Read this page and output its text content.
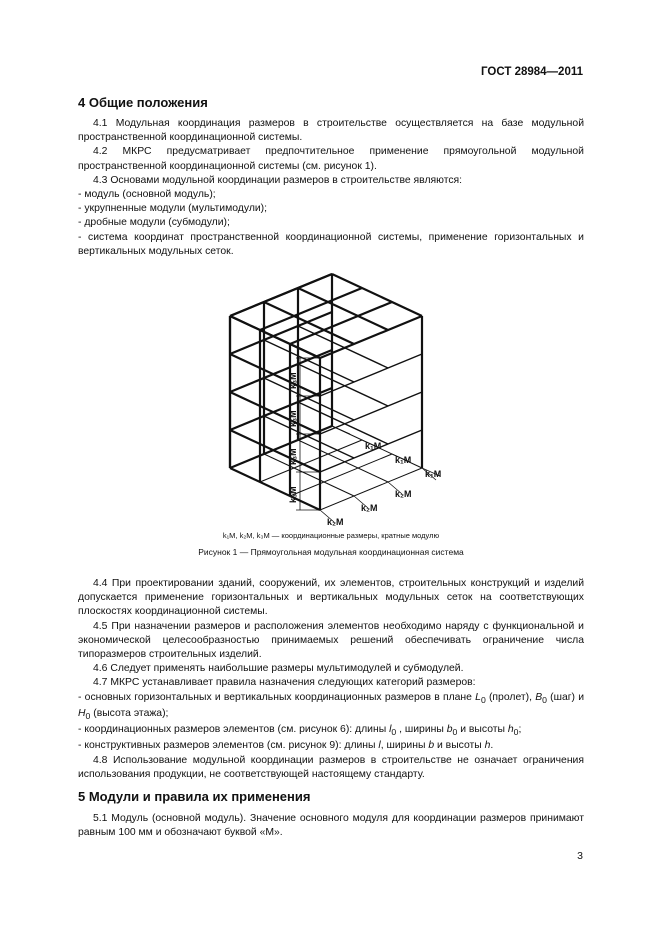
ГОСТ 28984—2011
4 Общие положения

4.1 Модульная координация размеров в строительстве осуществляется на базе модульной пространственной координационной системы.

4.2 МКРС предусматривает предпочтительное применение прямоугольной модульной пространственной координационной системы (см. рисунок 1).

4.3 Основами модульной координации размеров в строительстве являются:

- модуль (основной модуль);

- укрупненные модули (мультимодули);

- дробные модули (субмодули);

- система координат пространственной координационной системы, применение горизонтальных и вертикальных модульных сеток.

k₃M
k₃M
k₃M
k₃M
k₂M
k₂M
k₂M
k₁M
k₁M
k₁M
k₁M, k₂M, k₃M — координационные размеры, кратные модулю
Рисунок 1 — Прямоугольная модульная координационная система

4.4 При проектировании зданий, сооружений, их элементов, строительных конструкций и изделий допускается применение горизонтальных и вертикальных модульных сеток на соответствующих плоскостях координационной системы.

4.5 При назначении размеров и расположения элементов необходимо наряду с функциональной и экономической целесообразностью принимаемых решений обеспечивать ограничение числа типоразмеров строительных изделий.

4.6 Следует применять наибольшие размеры мультимодулей и субмодулей.

4.7 МКРС устанавливает правила назначения следующих категорий размеров:

- основных горизонтальных и вертикальных координационных размеров в плане $L_0$ (пролет), $B_0$ (шаг) и $H_0$ (высота этажа);

- координационных размеров элементов (см. рисунок 6): длины $l_0$ , ширины $b_0$ и высоты $h_0$;

- конструктивных размеров элементов (см. рисунок 9): длины l, ширины b и высоты h.

4.8 Использование модульной координации размеров в строительстве не означает ограничения использования продукции, не соответствующей настоящему стандарту.

5 Модули и правила их применения

5.1 Модуль (основной модуль). Значение основного модуля для координации размеров принимают равным 100 мм и обозначают буквой «М».

3
